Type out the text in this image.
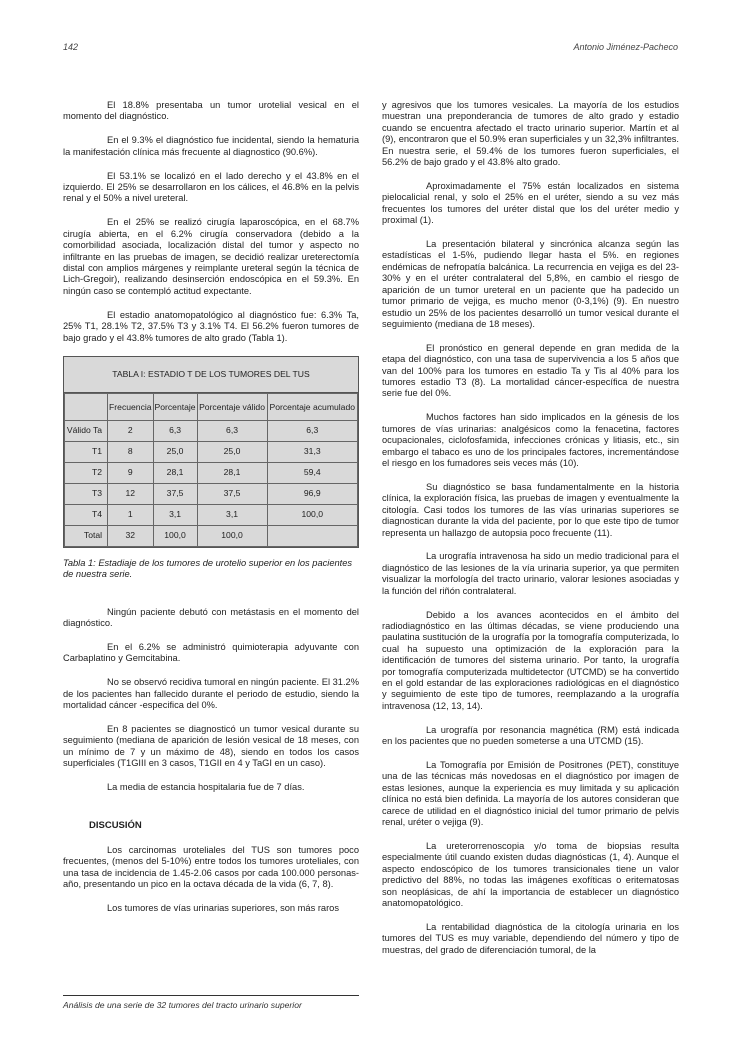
142	Antonio Jiménez-Pacheco

El 18.8% presentaba un tumor urotelial vesical en el momento del diagnóstico.

En el 9.3% el diagnóstico fue incidental, siendo la hematuria la manifestación clínica más frecuente al diagnostico (90.6%).

El 53.1% se localizó en el lado derecho y el 43.8% en el izquierdo. El 25% se desarrollaron en los cálices, el 46.8% en la pelvis renal y el 50% a nivel ureteral.

En el 25% se realizó cirugía laparoscópica, en el 68.7% cirugía abierta, en el 6.2% cirugía conservadora (debido a la comorbilidad asociada, localización distal del tumor y aspecto no infiltrante en las pruebas de imagen, se decidió realizar ureterectomía distal con amplios márgenes y reimplante ureteral según la técnica de Lich-Gregoir), realizando desinserción endoscópica en el 59.3%. En ningún caso se contempló actitud expectante.

El estadio anatomopatológico al diagnóstico fue: 6.3% Ta, 25% T1, 28.1% T2, 37.5% T3 y 3.1% T4. El 56.2% fueron tumores de bajo grado y el 43.8% tumores de alto grado (Tabla 1).

TABLA I: ESTADIO T DE LOS TUMORES DEL TUS
	Frecuencia	Porcentaje	Porcentaje válido	Porcentaje acumulado
Válido Ta	2	6,3	6,3	6,3
T1	8	25,0	25,0	31,3
T2	9	28,1	28,1	59,4
T3	12	37,5	37,5	96,9
T4	1	3,1	3,1	100,0
Total	32	100,0	100,0	
Tabla 1: Estadiaje de los tumores de urotelio superior en los pacientes de nuestra serie.

Ningún paciente debutó con metástasis en el momento del diagnóstico.

En el 6.2% se administró quimioterapia adyuvante con Carbaplatino y Gemcitabina.

No se observó recidiva tumoral en ningún paciente. El 31.2% de los pacientes han fallecido durante el periodo de estudio, siendo la mortalidad cáncer -especifica del 0%.

En 8 pacientes se diagnosticó un tumor vesical durante su seguimiento (mediana de aparición de lesión vesical de 18 meses, con un mínimo de 7 y un máximo de 48), siendo en todos los casos superficiales (T1GIII en 3 casos, T1GII en 4 y TaGI en un caso).

La media de estancia hospitalaria fue de 7 días.

DISCUSIÓN

Los carcinomas uroteliales del TUS son tumores poco frecuentes, (menos del 5-10%) entre todos los tumores uroteliales, con una tasa de incidencia de 1.45-2.06 casos por cada 100.000 personas-año, presentando un pico en la octava década de la vida (6, 7, 8).

Los tumores de vías urinarias superiores, son más raros

y agresivos que los tumores vesicales. La mayoría de los estudios muestran una preponderancia de tumores de alto grado y estadio cuando se encuentra afectado el tracto urinario superior. Martín et al (9), encontraron que el 50.9% eran superficiales y un 32,3% infiltrantes. En nuestra serie, el 59.4% de los tumores fueron superficiales, el 56.2% de bajo grado y el 43.8% alto grado.

Aproximadamente el 75% están localizados en sistema pielocalicial renal, y solo el 25% en el uréter, siendo a su vez más frecuentes los tumores del uréter distal que los del uréter medio y proximal (1).

La presentación bilateral y sincrónica alcanza según las estadísticas el 1-5%, pudiendo llegar hasta el 5%. en regiones endémicas de nefropatía balcánica. La recurrencia en vejiga es del 23-30% y en el uréter contralateral del 5,8%, en cambio el riesgo de aparición de un tumor ureteral en un paciente que ha padecido un tumor primario de vejiga, es mucho menor (0-3,1%) (9). En nuestro estudio un 25% de los pacientes desarrolló un tumor vesical durante el seguimiento (mediana de 18 meses).

El pronóstico en general depende en gran medida de la etapa del diagnóstico, con una tasa de supervivencia a los 5 años que van del 100% para los tumores en estadio Ta y Tis al 40% para los tumores estadio T3 (8). La mortalidad cáncer-específica de nuestra serie fue del 0%.

Muchos factores han sido implicados en la génesis de los tumores de vías urinarias: analgésicos como la fenacetina, factores ocupacionales, ciclofosfamida, infecciones crónicas y litiasis, etc., sin embargo el tabaco es uno de los principales factores, incrementándose el riesgo en los fumadores seis veces más (10).

Su diagnóstico se basa fundamentalmente en la historia clínica, la exploración física, las pruebas de imagen y eventualmente la citología. Casi todos los tumores de las vías urinarias superiores se diagnostican durante la vida del paciente, por lo que este tipo de tumor representa un hallazgo de autopsia poco frecuente (11).

La urografía intravenosa ha sido un medio tradicional para el diagnóstico de las lesiones de la vía urinaria superior, ya que permiten visualizar la morfología del tracto urinario, valorar lesiones asociadas y la función del riñón contralateral.

Debido a los avances acontecidos en el ámbito del radiodiagnóstico en las últimas décadas, se viene produciendo una paulatina sustitución de la urografía por la tomografía computerizada, lo cual ha supuesto una optimización de la exploración para la identificación de tumores del sistema urinario. Por tanto, la urografía por tomografía computerizada multidetector (UTCMD) se ha convertido en el gold estandar de las exploraciones radiológicas en el diagnóstico y seguimiento de este tipo de tumores, reemplazando a la urografía intravenosa (12, 13, 14).

La urografía por resonancia magnética (RM) está indicada en los pacientes que no pueden someterse a una UTCMD (15).

La Tomografía por Emisión de Positrones (PET), constituye una de las técnicas más novedosas en el diagnóstico por imagen de estas lesiones, aunque la experiencia es muy limitada y su aplicación clínica no está bien definida. La mayoría de los autores consideran que carece de utilidad en el diagnóstico inicial del tumor primario de pelvis renal, uréter o vejiga (9).

La ureterorrenoscopia y/o toma de biopsias resulta especialmente útil cuando existen dudas diagnósticas (1, 4). Aunque el aspecto endoscópico de los tumores transicionales tiene un valor predictivo del 88%, no todas las imágenes exofíticas o eritematosas son neoplásicas, de ahí la importancia de establecer un diagnóstico anatomopatológico.

La rentabilidad diagnóstica de la citología urinaria en los tumores del TUS es muy variable, dependiendo del número y tipo de muestras, del grado de diferenciación tumoral, de la

Análisis de una serie de 32 tumores del tracto urinario superior
